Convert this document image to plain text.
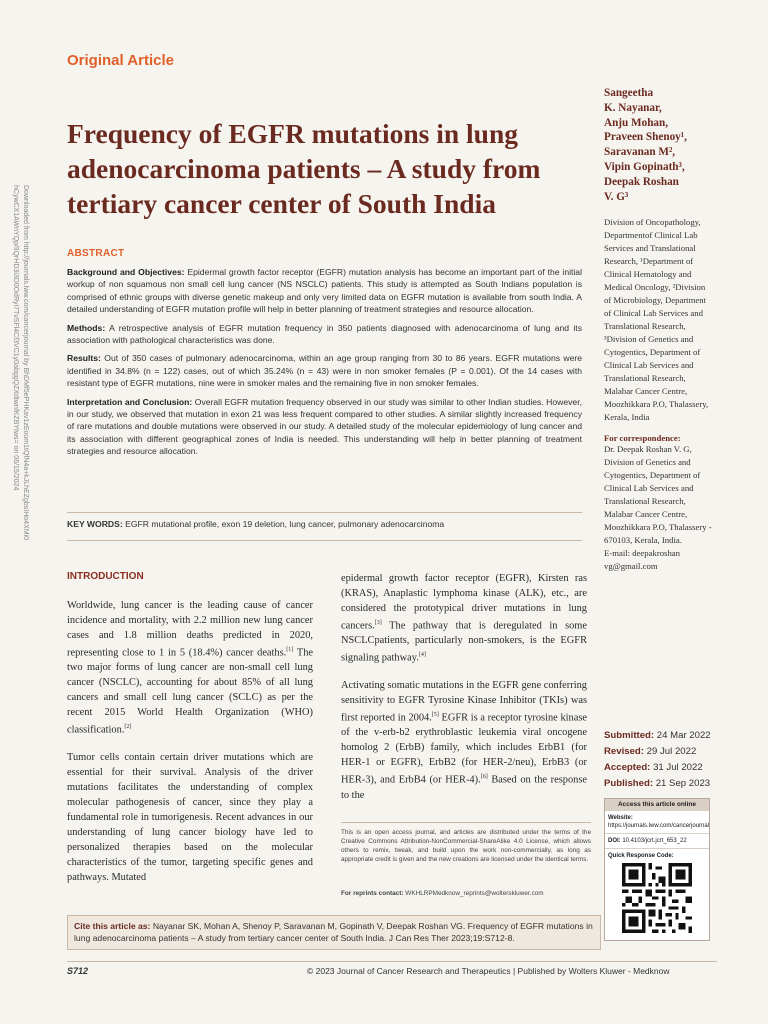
Original Article
Downloaded from http://journals.lww.com/cancerjournal by BhDMf5ePHKav1zEoum1tQfN4a+kJLhEZgbsIHo4XMi0
hCywCX1AWnYQp/IlQrHD3i3D0OdRyi7TvSFl4Cf3VC1y0abggQZXdtwnfKZBYtws= on 06/15/2024
Frequency of EGFR mutations in lung
adenocarcinoma patients – A study from
tertiary cancer center of South India
ABSTRACT

Background and Objectives: Epidermal growth factor receptor (EGFR) mutation analysis has become an important part of the initial workup of non squamous non small cell lung cancer (NS NSCLC) patients. This study is attempted as South Indians population is comprised of ethnic groups with diverse genetic makeup and only very limited data on EGFR mutation is available from south India. A detailed understanding of EGFR mutation profile will help in better planning of treatment strategies and resource allocation.

Methods: A retrospective analysis of EGFR mutation frequency in 350 patients diagnosed with adenocarcinoma of lung and its association with pathological characteristics was done.

Results: Out of 350 cases of pulmonary adenocarcinoma, within an age group ranging from 30 to 86 years. EGFR mutations were identified in 34.8% (n = 122) cases, out of which 35.24% (n = 43) were in non smoker females (P = 0.001). Of the 14 cases with resistant type of EGFR mutations, nine were in smoker males and the remaining five in non smoker females.

Interpretation and Conclusion: Overall EGFR mutation frequency observed in our study was similar to other Indian studies. However, in our study, we observed that mutation in exon 21 was less frequent compared to other studies. A similar slightly increased frequency of rare mutations and double mutations were observed in our study. A detailed study of the molecular epidemiology of lung cancer and its association with different geographical zones of India is needed. This understanding will help in better planning of treatment strategies and resource allocation.

KEY WORDS: EGFR mutational profile, exon 19 deletion, lung cancer, pulmonary adenocarcinoma
INTRODUCTION

Worldwide, lung cancer is the leading cause of cancer incidence and mortality, with 2.2 million new lung cancer cases and 1.8 million deaths predicted in 2020, representing close to 1 in 5 (18.4%) cancer deaths.[1] The two major forms of lung cancer are non-small cell lung cancer (NSCLC), accounting for about 85% of all lung cancers and small cell lung cancer (SCLC) as per the recent 2015 World Health Organization (WHO) classification.[2]

Tumor cells contain certain driver mutations which are essential for their survival. Analysis of the driver mutations facilitates the understanding of complex molecular pathogenesis of cancer, since they play a fundamental role in tumorigenesis. Recent advances in our understanding of lung cancer biology have led to personalized therapies based on the molecular characteristics of the tumor, targeting specific genes and pathways. Mutated

epidermal growth factor receptor (EGFR), Kirsten ras (KRAS), Anaplastic lymphoma kinase (ALK), etc., are considered the prototypical driver mutations in lung cancers.[3] The pathway that is deregulated in some NSCLCpatients, particularly non-smokers, is the EGFR signaling pathway.[4]

Activating somatic mutations in the EGFR gene conferring sensitivity to EGFR Tyrosine Kinase Inhibitor (TKIs) was first reported in 2004.[5] EGFR is a receptor tyrosine kinase of the v-erb-b2 erythroblastic leukemia viral oncogene homolog 2 (ErbB) family, which includes ErbB1 (for HER-1 or EGFR), ErbB2 (for HER-2/neu), ErbB3 (or HER-3), and ErbB4 (or HER-4).[6] Based on the response to the

This is an open access journal, and articles are distributed under the terms of the Creative Commons Attribution-NonCommercial-ShareAlike 4.0 License, which allows others to remix, tweak, and build upon the work non-commercially, as long as appropriate credit is given and the new creations are licensed under the identical terms.
For reprints contact: WKHLRPMedknow_reprints@wolterskluwer.com
Sangeetha
K. Nayanar,
Anju Mohan,
Praveen Shenoy¹,
Saravanan M²,
Vipin Gopinath³,
Deepak Roshan
V. G³
Division of Oncopathology, Departmentof Clinical Lab Services and Translational Research, ¹Department of Clinical Hematology and Medical Oncology, ²Division of Microbiology, Department of Clinical Lab Services and Translational Research, ³Division of Genetics and Cytogentics, Department of Clinical Lab Services and Translational Research, Malabar Cancer Centre, Moozhikkara P.O, Thalassery, Kerala, India
For correspondence:
Dr. Deepak Roshan V. G, Division of Genetics and Cytogentics, Department of Clinical Lab Services and Translational Research, Malabar Cancer Centre, Moozhikkara P.O, Thalassery - 670103, Kerala, India.
E-mail: deepakroshan vg@gmail.com
Submitted: 24 Mar 2022
Revised: 29 Jul 2022
Accepted: 31 Jul 2022
Published: 21 Sep 2023
Access this article online
Website: https://journals.lww.com/cancerjournal
DOI: 10.4103/jcrt.jcrt_653_22
Quick Response Code:
Cite this article as: Nayanar SK, Mohan A, Shenoy P, Saravanan M, Gopinath V, Deepak Roshan VG. Frequency of EGFR mutations in lung adenocarcinoma patients – A study from tertiary cancer center of South India. J Can Res Ther 2023;19:S712-8.
S712	© 2023 Journal of Cancer Research and Therapeutics | Published by Wolters Kluwer - Medknow
